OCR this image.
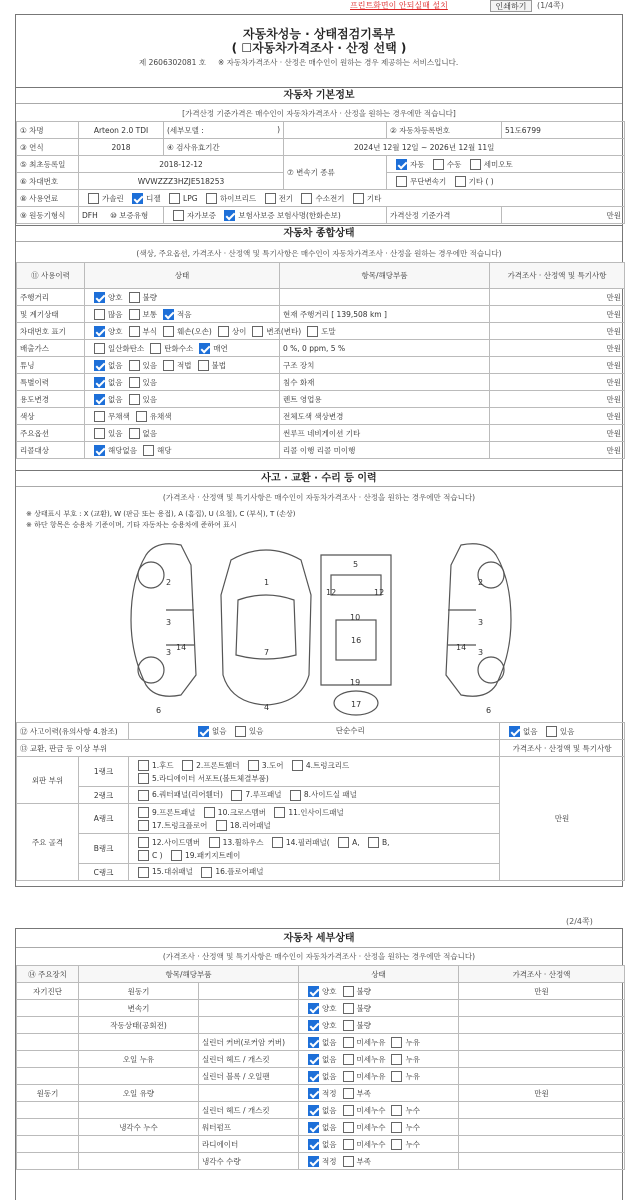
프린트화면이 안되실때 설치	인쇄하기	(1/4쪽)
자동차성능 · 상태점검기록부
( ☐자동차가격조사 · 산정 선택 )
제 2606302081 호 ※ 자동차가격조사 · 산정은 매수인이 원하는 경우 제공하는 서비스입니다.
자동차 기본정보
[가격산정 기준가격은 매수인이 자동차가격조사 · 산정을 원하는 경우에만 적습니다]
① 차명	Arteon 2.0 TDI	(세부모델 : )		② 자동차등록번호	51도6799
③ 연식	2018	④ 검사유효기간	2024년 12월 12일 ~ 2026년 12월 11일		
⑤ 최초등록일	2018-12-12		⑦ 변속기 종류	자동 수동 세미오토	
⑥ 차대번호	WVWZZZ3HZJE518253			무단변속기 기타 ( )	
⑧ 사용연료	가솔린 디젤 LPG 하이브리드 전기 수소전기 기타				
⑨ 원동기형식	DFH ⑩ 보증유형	자가보증 보험사보증 보험사명(한화손보)		가격산정 기준가격	만원
자동차 종합상태
(색상, 주요옵션, 가격조사 · 산정액 및 특기사항은 매수인이 자동차가격조사 · 산정을 원하는 경우에만 적습니다)
⑪ 사용이력	상태	항목/해당부품	가격조사 · 산정액 및 특기사항
주행거리	양호 불량		만원
및 계기상태	많음 보통 적음	현재 주행거리 [ 139,508 km ]	만원
차대번호 표기	양호 부식 훼손(오손) 상이 변조(변타) 도말		만원
배출가스	일산화탄소 탄화수소 매연	0 %, 0 ppm, 5 %	만원
튜닝	없음 있음 적법 불법	구조 장치	만원
특별이력	없음 있음	침수 화재	만원
용도변경	없음 있음	렌트 영업용	만원
색상	무채색 유채색	전체도색 색상변경	만원
주요옵션	있음 없음	썬루프 네비게이션 기타	만원
리콜대상	해당없음 해당	리콜 이행 리콜 미이행	만원
사고 · 교환 · 수리 등 이력
(가격조사 · 산정액 및 특기사항은 매수인이 자동차가격조사 · 산정을 원하는 경우에만 적습니다)
※ 상태표시 부호 : X (교환), W (판금 또는 용접), A (흠집), U (요철), C (부식), T (손상)
※ 하단 항목은 승용차 기준이며, 기타 자동차는 승용차에 준하여 표시
3
3
14
2
6
1
7
4
5
12	12
10
16
19
17
3
3
14
2
6
⑫ 사고이력(유의사항 4.참조)		없음 있음 단순수리	없음 있음
⑬ 교환, 판금 등 이상 부위			가격조사 · 산정액 및 특기사항
외판 부위	1랭크	1.후드 2.프론트휀더 3.도어 4.트렁크리드
5.라디에이터 서포트(볼트체결부품)	만원
	2랭크	6.쿼터패널(리어휀더) 7.루프패널 8.사이드실 패널	
주요 골격	A랭크	9.프론트패널 10.크로스멤버 11.인사이드패널
17.트렁크플로어 18.리어패널	
	B랭크	12.사이드멤버 13.휠하우스 14.필러패널( A, B,
C ) 19.패키지트레이	
	C랭크	15.대쉬패널 16.플로어패널	
(2/4쪽)
자동차 세부상태
(가격조사 · 산정액 및 특기사항은 매수인이 자동차가격조사 · 산정을 원하는 경우에만 적습니다)
⑭ 주요장치	항목/해당부품		상태	가격조사 · 산정액
자기진단	원동기		양호 불량	만원
	변속기		양호 불량	
	작동상태(공회전)		양호 불량	
		실린더 커버(로커암 커버)	없음 미세누유 누유	
	오일 누유	실린더 헤드 / 개스킷	없음 미세누유 누유	
		실린더 블록 / 오일팬	없음 미세누유 누유	
원동기	오일 유량		적정 부족	만원
		실린더 헤드 / 개스킷	없음 미세누수 누수	
	냉각수 누수	워터펌프	없음 미세누수 누수	
		라디에이터	없음 미세누수 누수	
		냉각수 수량	적정 부족	
